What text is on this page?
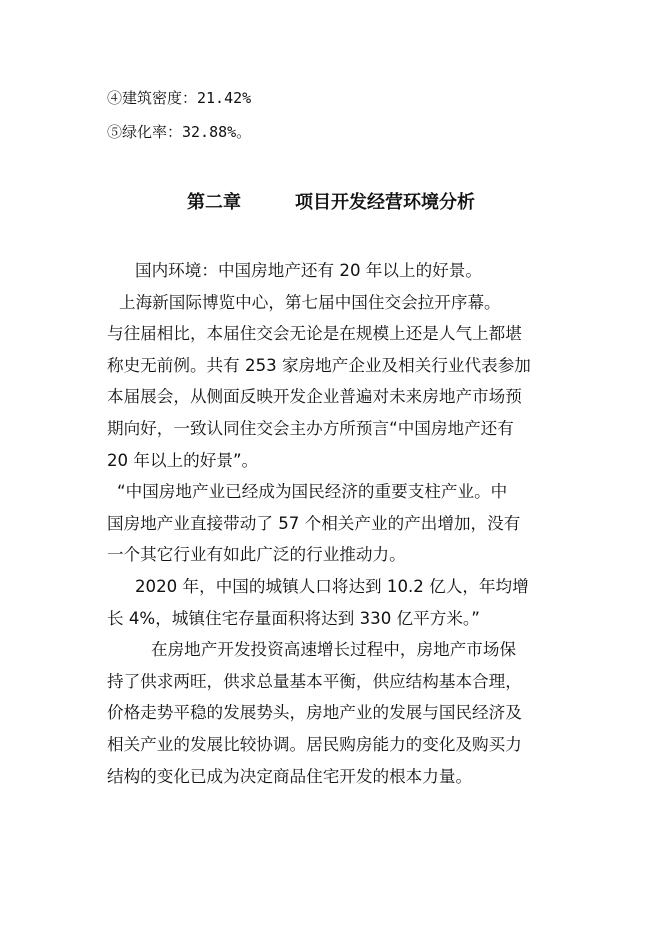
④建筑密度：21.42%
⑤绿化率：32.88%。
第二章	项目开发经营环境分析
国内环境：中国房地产还有 20 年以上的好景。
上海新国际博览中心，第七届中国住交会拉开序幕。
与往届相比，本届住交会无论是在规模上还是人气上都堪
称史无前例。共有 253 家房地产企业及相关行业代表参加
本届展会，从侧面反映开发企业普遍对未来房地产市场预
期向好，一致认同住交会主办方所预言“中国房地产还有
20 年以上的好景”。
“中国房地产业已经成为国民经济的重要支柱产业。中
国房地产业直接带动了 57 个相关产业的产出增加，没有
一个其它行业有如此广泛的行业推动力。
2020 年，中国的城镇人口将达到 10.2 亿人，年均增
长 4%，城镇住宅存量面积将达到 330 亿平方米。”
在房地产开发投资高速增长过程中，房地产市场保
持了供求两旺，供求总量基本平衡，供应结构基本合理，
价格走势平稳的发展势头，房地产业的发展与国民经济及
相关产业的发展比较协调。居民购房能力的变化及购买力
结构的变化已成为决定商品住宅开发的根本力量。
